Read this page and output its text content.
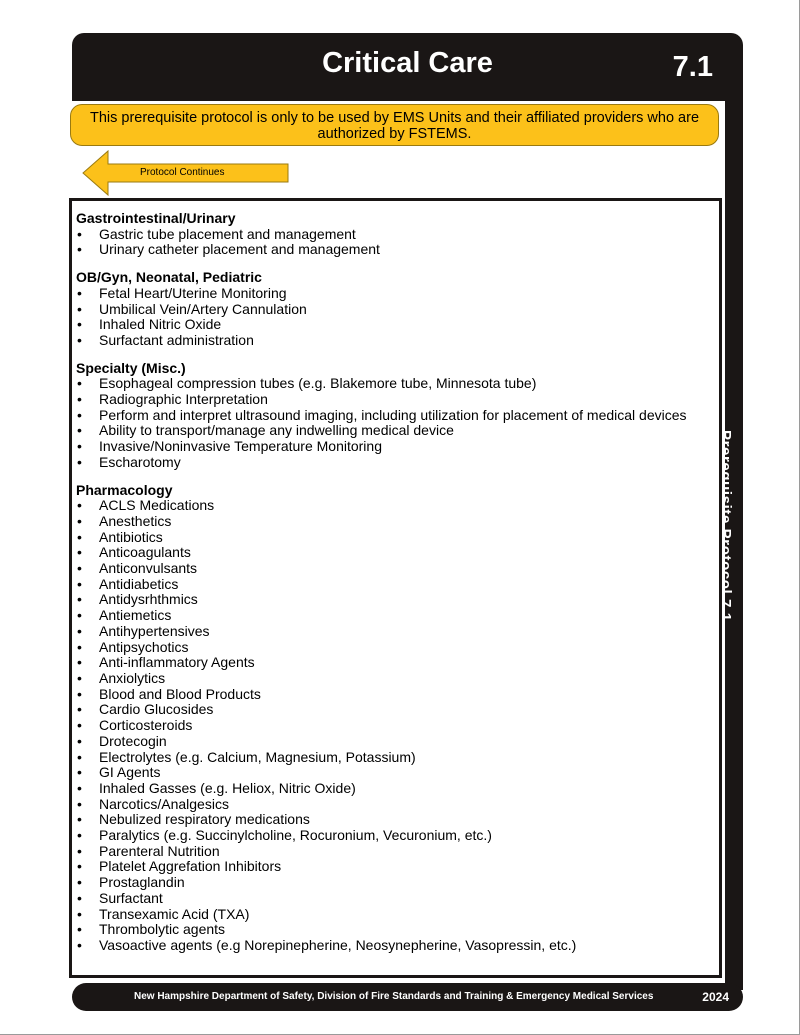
Critical Care	7.1
Prerequisite Protocol 7.1
This prerequisite protocol is only to be used by EMS Units and their affiliated providers who are authorized by FSTEMS.
Protocol Continues
Gastrointestinal/Urinary
• Gastric tube placement and management
• Urinary catheter placement and management
OB/Gyn, Neonatal, Pediatric
• Fetal Heart/Uterine Monitoring
• Umbilical Vein/Artery Cannulation
• Inhaled Nitric Oxide
• Surfactant administration
Specialty (Misc.)
• Esophageal compression tubes (e.g. Blakemore tube, Minnesota tube)
• Radiographic Interpretation
• Perform and interpret ultrasound imaging, including utilization for placement of medical devices
• Ability to transport/manage any indwelling medical device
• Invasive/Noninvasive Temperature Monitoring
• Escharotomy
Pharmacology
• ACLS Medications
• Anesthetics
• Antibiotics
• Anticoagulants
• Anticonvulsants
• Antidiabetics
• Antidysrhthmics
• Antiemetics
• Antihypertensives
• Antipsychotics
• Anti-inflammatory Agents
• Anxiolytics
• Blood and Blood Products
• Cardio Glucosides
• Corticosteroids
• Drotecogin
• Electrolytes (e.g. Calcium, Magnesium, Potassium)
• GI Agents
• Inhaled Gasses (e.g. Heliox, Nitric Oxide)
• Narcotics/Analgesics
• Nebulized respiratory medications
• Paralytics (e.g. Succinylcholine, Rocuronium, Vecuronium, etc.)
• Parenteral Nutrition
• Platelet Aggrefation Inhibitors
• Prostaglandin
• Surfactant
• Transexamic Acid (TXA)
• Thrombolytic agents
• Vasoactive agents (e.g Norepinepherine, Neosynepherine, Vasopressin, etc.)
New Hampshire Department of Safety, Division of Fire Standards and Training & Emergency Medical Services	2024
